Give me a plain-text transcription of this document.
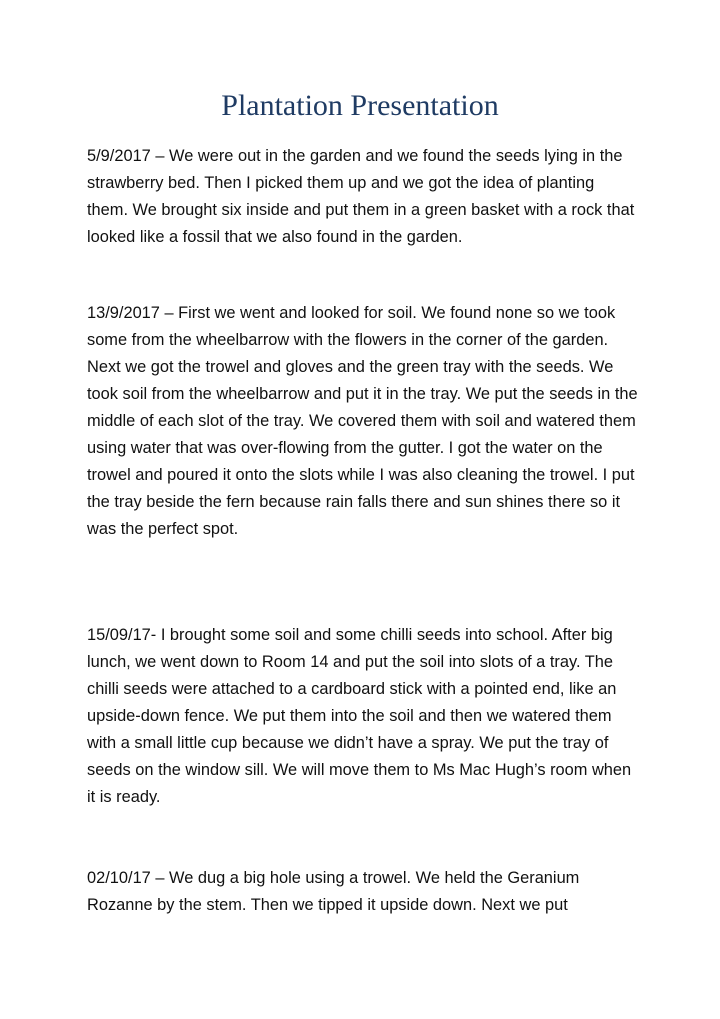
Plantation Presentation

5/9/2017 – We were out in the garden and we found the seeds lying in the strawberry bed. Then I picked them up and we got the idea of planting them. We brought six inside and put them in a green basket with a rock that looked like a fossil that we also found in the garden.

13/9/2017 – First we went and looked for soil. We found none so we took some from the wheelbarrow with the flowers in the corner of the garden. Next we got the trowel and gloves and the green tray with the seeds. We took soil from the wheelbarrow and put it in the tray. We put the seeds in the middle of each slot of the tray. We covered them with soil and watered them using water that was over-flowing from the gutter. I got the water on the trowel and poured it onto the slots while I was also cleaning the trowel. I put the tray beside the fern because rain falls there and sun shines there so it was the perfect spot.

15/09/17- I brought some soil and some chilli seeds into school. After big lunch, we went down to Room 14 and put the soil into slots of a tray. The chilli seeds were attached to a cardboard stick with a pointed end, like an upside-down fence. We put them into the soil and then we watered them with a small little cup because we didn’t have a spray. We put the tray of seeds on the window sill. We will move them to Ms Mac Hugh’s room when it is ready.

02/10/17 – We dug a big hole using a trowel. We held the Geranium Rozanne by the stem. Then we tipped it upside down. Next we put
